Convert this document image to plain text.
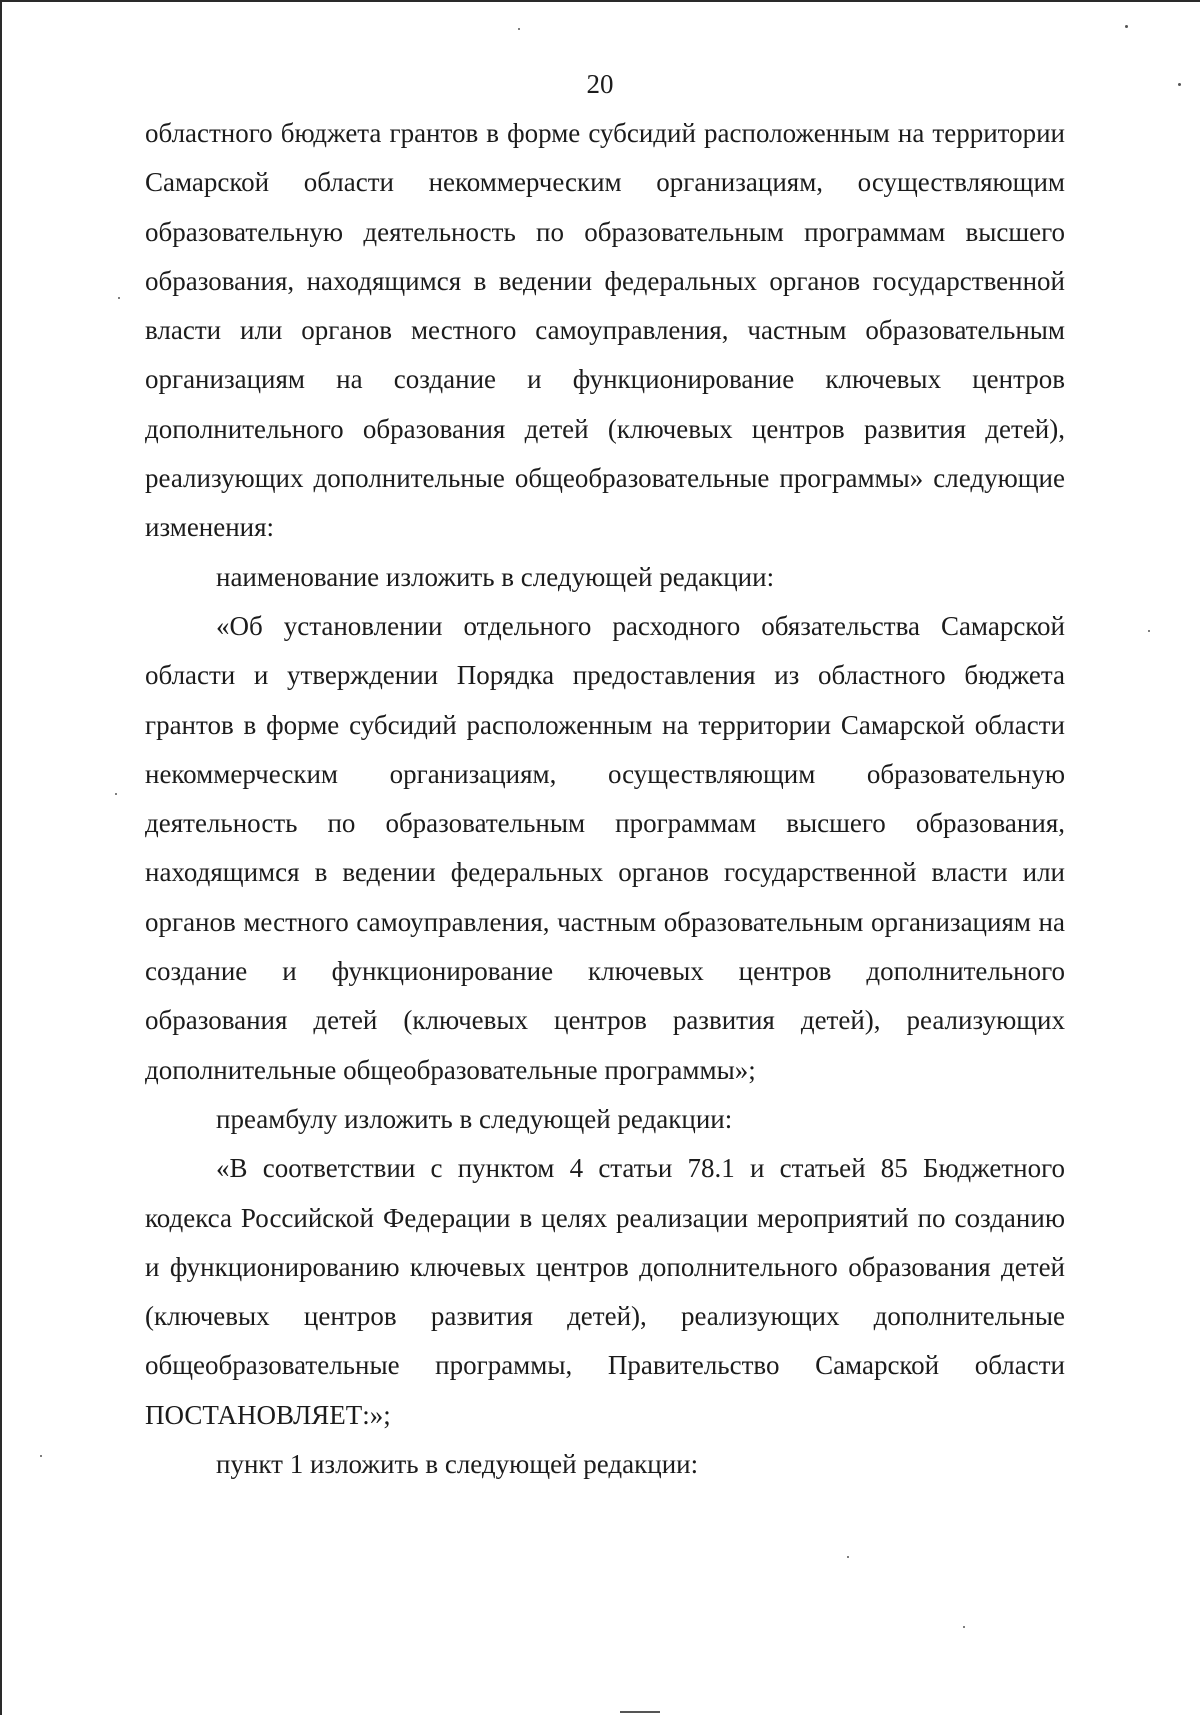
20

областного бюджета грантов в форме субсидий расположенным на территории Самарской области некоммерческим организациям, осуществляющим образовательную деятельность по образовательным программам высшего образования, находящимся в ведении федеральных органов государственной власти или органов местного самоуправления, частным образовательным организациям на создание и функционирование ключевых центров дополнительного образования детей (ключевых центров развития детей), реализующих дополнительные общеобразовательные программы» следующие изменения:

наименование изложить в следующей редакции:

«Об установлении отдельного расходного обязательства Самарской области и утверждении Порядка предоставления из областного бюджета грантов в форме субсидий расположенным на территории Самарской области некоммерческим организациям, осуществляющим образовательную деятельность по образовательным программам высшего образования, находящимся в ведении федеральных органов государственной власти или органов местного самоуправления, частным образовательным организациям на создание и функционирование ключевых центров дополнительного образования детей (ключевых центров развития детей), реализующих дополнительные общеобразовательные программы»;

преамбулу изложить в следующей редакции:

«В соответствии с пунктом 4 статьи 78.1 и статьей 85 Бюджетного кодекса Российской Федерации в целях реализации мероприятий по созданию и функционированию ключевых центров дополнительного образования детей (ключевых центров развития детей), реализующих дополнительные общеобразовательные программы, Правительство Самарской области ПОСТАНОВЛЯЕТ:»;

пункт 1 изложить в следующей редакции:
